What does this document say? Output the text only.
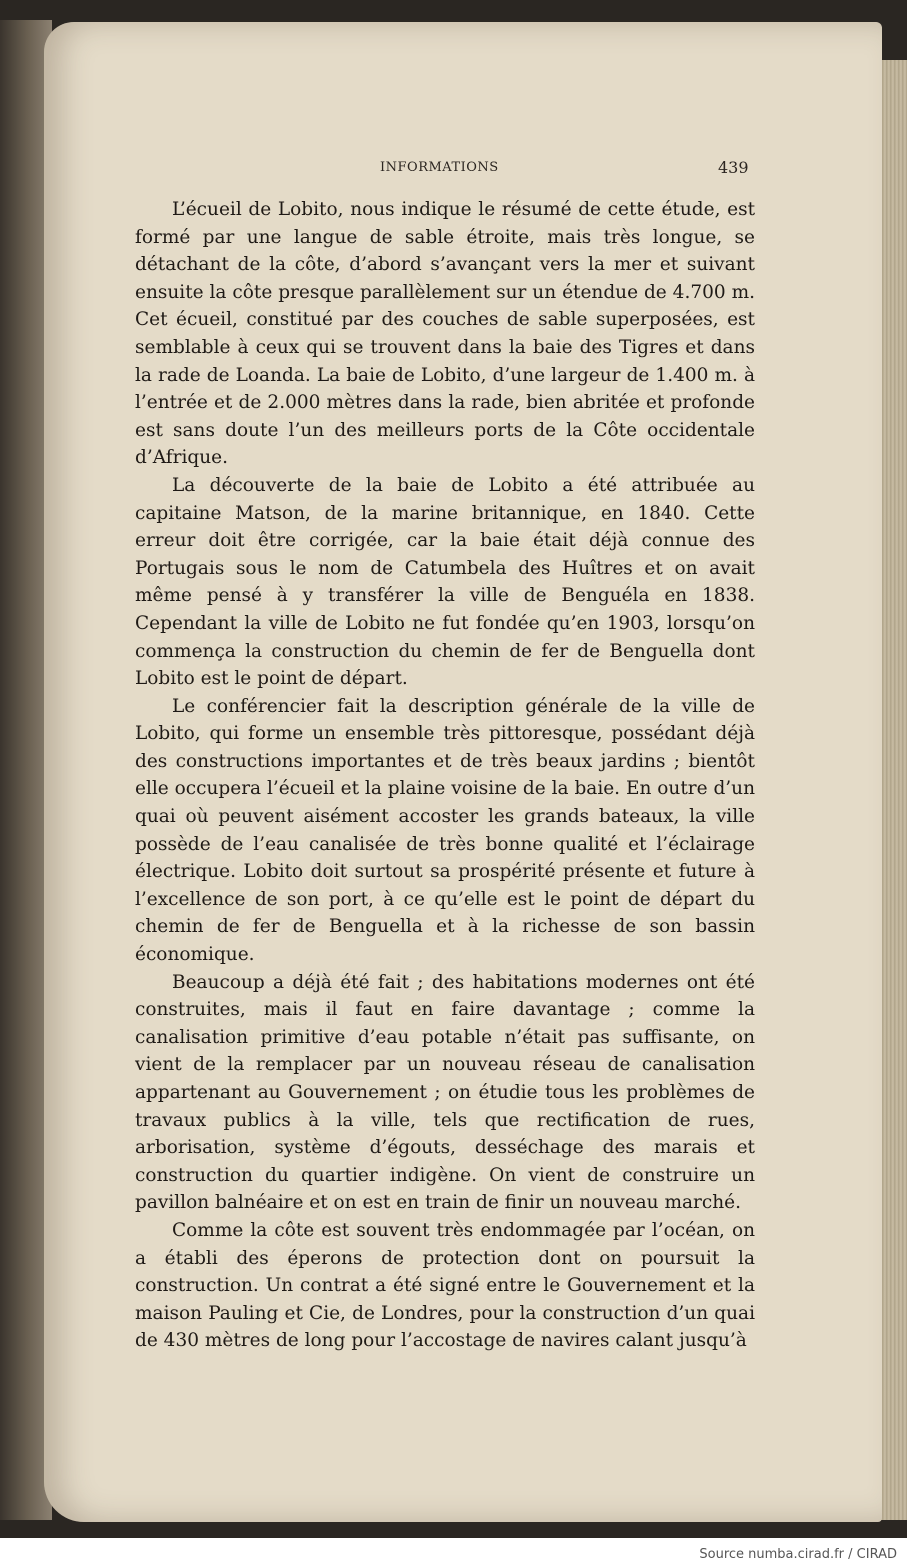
INFORMATIONS	439

L’écueil de Lobito, nous indique le résumé de cette étude, est formé par une langue de sable étroite, mais très longue, se détachant de la côte, d’abord s’avançant vers la mer et suivant ensuite la côte presque parallèlement sur un étendue de 4.700 m. Cet écueil, constitué par des couches de sable superposées, est semblable à ceux qui se trouvent dans la baie des Tigres et dans la rade de Loanda. La baie de Lobito, d’une largeur de 1.400 m. à l’entrée et de 2.000 mètres dans la rade, bien abritée et profonde est sans doute l’un des meilleurs ports de la Côte occidentale d’Afrique.

La découverte de la baie de Lobito a été attribuée au capitaine Matson, de la marine britannique, en 1840. Cette erreur doit être corrigée, car la baie était déjà connue des Portugais sous le nom de Catumbela des Huîtres et on avait même pensé à y transférer la ville de Benguéla en 1838. Cependant la ville de Lobito ne fut fondée qu’en 1903, lorsqu’on commença la construction du chemin de fer de Benguella dont Lobito est le point de départ.

Le conférencier fait la description générale de la ville de Lobito, qui forme un ensemble très pittoresque, possédant déjà des constructions importantes et de très beaux jardins ; bientôt elle occupera l’écueil et la plaine voisine de la baie. En outre d’un quai où peuvent aisément accoster les grands bateaux, la ville possède de l’eau canalisée de très bonne qualité et l’éclairage électrique. Lobito doit surtout sa prospérité présente et future à l’excellence de son port, à ce qu’elle est le point de départ du chemin de fer de Benguella et à la richesse de son bassin économique.

Beaucoup a déjà été fait ; des habitations modernes ont été construites, mais il faut en faire davantage ; comme la canalisation primitive d’eau potable n’était pas suffisante, on vient de la remplacer par un nouveau réseau de canalisation appartenant au Gouvernement ; on étudie tous les problèmes de travaux publics à la ville, tels que rectification de rues, arborisation, système d’égouts, desséchage des marais et construction du quartier indigène. On vient de construire un pavillon balnéaire et on est en train de finir un nouveau marché.

Comme la côte est souvent très endommagée par l’océan, on a établi des éperons de protection dont on poursuit la construction. Un contrat a été signé entre le Gouvernement et la maison Pauling et Cie, de Londres, pour la construction d’un quai de 430 mètres de long pour l’accostage de navires calant jusqu’à

Source numba.cirad.fr / CIRAD
